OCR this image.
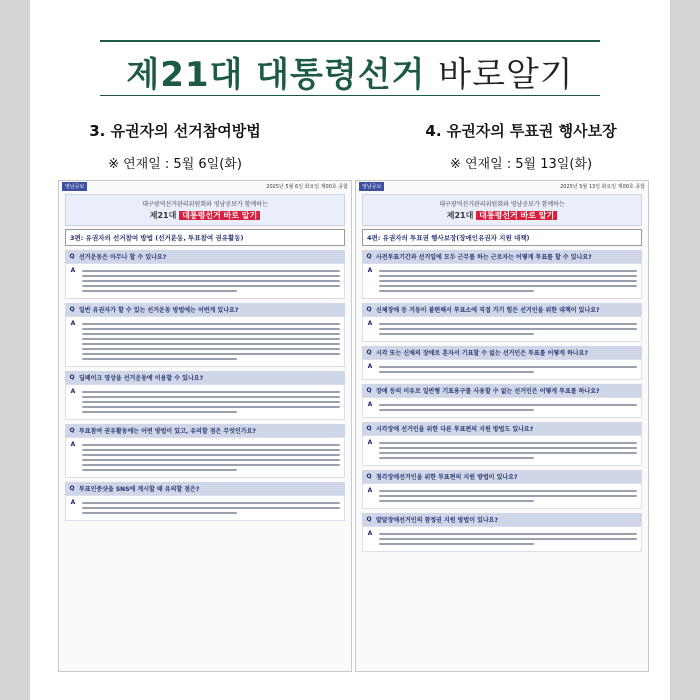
제21대 대통령선거 바로알기
3. 유권자의 선거참여방법
※ 연재일 : 5월 6일(화)
4. 유권자의 투표권 행사보장
※ 연재일 : 5월 13일(화)
영남공보	2025년 5월 6일 화요일 제00호 종합
대구광역선거관리위원회와 영남공보가 함께하는
제21대 대통령선거 바로 알기
3편: 유권자의 선거참여 방법 (선거운동, 투표참여 권유활동)
Q 선거운동은 아무나 할 수 있나요?
A
Q 일반 유권자가 할 수 있는 선거운동 방법에는 어떤게 있나요?
A
Q 딥페이크 영상을 선거운동에 이용할 수 있나요?
A
Q 투표참여 권유활동에는 어떤 방법이 있고, 유의할 점은 무엇인가요?
A
Q 투표인증샷을 SNS에 게시할 때 유의할 점은?
A
영남공보	2025년 5월 13일 화요일 제00호 종합
대구광역선거관리위원회와 영남공보가 함께하는
제21대 대통령선거 바로 알기
4편: 유권자의 투표권 행사보장(장애인유권자 지원 대책)
Q 사전투표기간과 선거일에 모두 근무를 하는 근로자는 어떻게 투표를 할 수 있나요?
A
Q 신체장애 등 거동이 불편해서 투표소에 직접 가기 힘든 선거인을 위한 대책이 있나요?
A
Q 시각 또는 신체의 장애로 혼자서 기표할 수 없는 선거인은 투표를 어떻게 하나요?
A
Q 장애 등의 이유로 일반형 기표용구를 사용할 수 없는 선거인은 어떻게 투표를 하나요?
A
Q 시각장애 선거인을 위한 다른 투표편의 지원 방법도 있나요?
A
Q 청각장애선거인을 위한 투표편의 지원 방법이 있나요?
A
Q 발달장애선거인의 참정권 지원 방법이 있나요?
A
